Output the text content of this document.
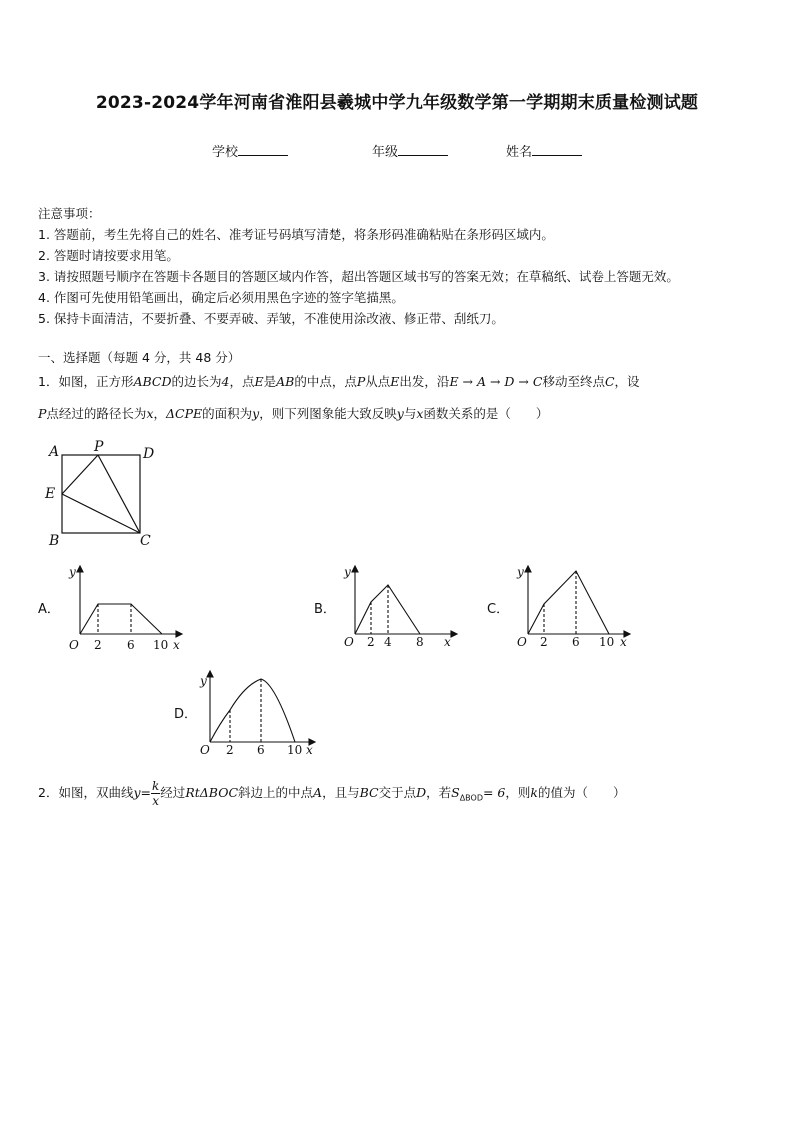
2023-2024学年河南省淮阳县羲城中学九年级数学第一学期期末质量检测试题
学校	年级	姓名
注意事项：
1. 答题前，考生先将自己的姓名、准考证号码填写清楚，将条形码准确粘贴在条形码区域内。
2. 答题时请按要求用笔。
3. 请按照题号顺序在答题卡各题目的答题区域内作答，超出答题区域书写的答案无效；在草稿纸、试卷上答题无效。
4. 作图可先使用铅笔画出，确定后必须用黑色字迹的签字笔描黑。
5. 保持卡面清洁，不要折叠、不要弄破、弄皱，不准使用涂改液、修正带、刮纸刀。
一、选择题（每题 4 分，共 48 分）
1．如图，正方形ABCD的边长为4，点E是AB的中点，点P从点E出发，沿E → A → D → C移动至终点C，设
P点经过的路径长为x，ΔCPE的面积为y，则下列图象能大致反映y与x函数关系的是（　　）
A P	D
E
B	C
A．
y
x
O 2 6 10
B．
y
x
O 2 4 8
C．
y
x
O 2 6 10
D．
y
x
O 2 6 10
2．如图，双曲线$y= \frac{k}{x}$ 经过RtΔBOC斜边上的中点A，且与BC交于点D，若$S_{\Delta BOD}= 6$，则k的值为（　　）
